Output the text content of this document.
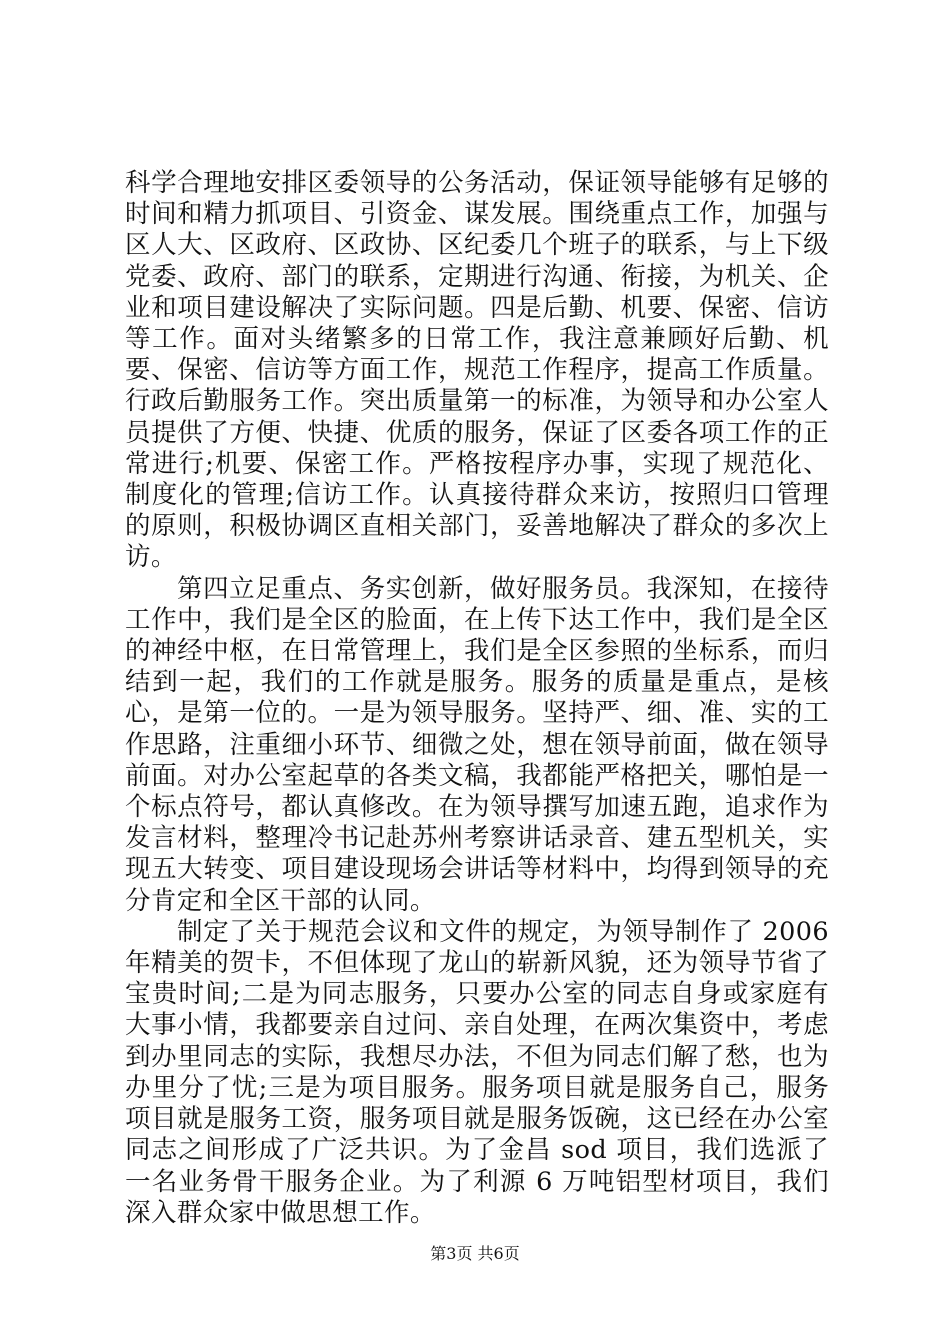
科学合理地安排区委领导的公务活动，保证领导能够有足够的时间和精力抓项目、引资金、谋发展。围绕重点工作，加强与区人大、区政府、区政协、区纪委几个班子的联系，与上下级党委、政府、部门的联系，定期进行沟通、衔接，为机关、企业和项目建设解决了实际问题。四是后勤、机要、保密、信访等工作。面对头绪繁多的日常工作，我注意兼顾好后勤、机要、保密、信访等方面工作，规范工作程序，提高工作质量。行政后勤服务工作。突出质量第一的标准，为领导和办公室人员提供了方便、快捷、优质的服务，保证了区委各项工作的正常进行;机要、保密工作。严格按程序办事，实现了规范化、制度化的管理;信访工作。认真接待群众来访，按照归口管理的原则，积极协调区直相关部门，妥善地解决了群众的多次上访。

第四立足重点、务实创新，做好服务员。我深知，在接待工作中，我们是全区的脸面，在上传下达工作中，我们是全区的神经中枢，在日常管理上，我们是全区参照的坐标系，而归结到一起，我们的工作就是服务。服务的质量是重点，是核心，是第一位的。一是为领导服务。坚持严、细、准、实的工作思路，注重细小环节、细微之处，想在领导前面，做在领导前面。对办公室起草的各类文稿，我都能严格把关，哪怕是一个标点符号，都认真修改。在为领导撰写加速五跑，追求作为发言材料，整理冷书记赴苏州考察讲话录音、建五型机关，实现五大转变、项目建设现场会讲话等材料中，均得到领导的充分肯定和全区干部的认同。

制定了关于规范会议和文件的规定，为领导制作了 2006 年精美的贺卡，不但体现了龙山的崭新风貌，还为领导节省了宝贵时间;二是为同志服务，只要办公室的同志自身或家庭有大事小情，我都要亲自过问、亲自处理，在两次集资中，考虑到办里同志的实际，我想尽办法，不但为同志们解了愁，也为办里分了忧;三是为项目服务。服务项目就是服务自己，服务项目就是服务工资，服务项目就是服务饭碗，这已经在办公室同志之间形成了广泛共识。为了金昌 sod 项目，我们选派了一名业务骨干服务企业。为了利源 6 万吨铝型材项目，我们深入群众家中做思想工作。

第3页 共6页
